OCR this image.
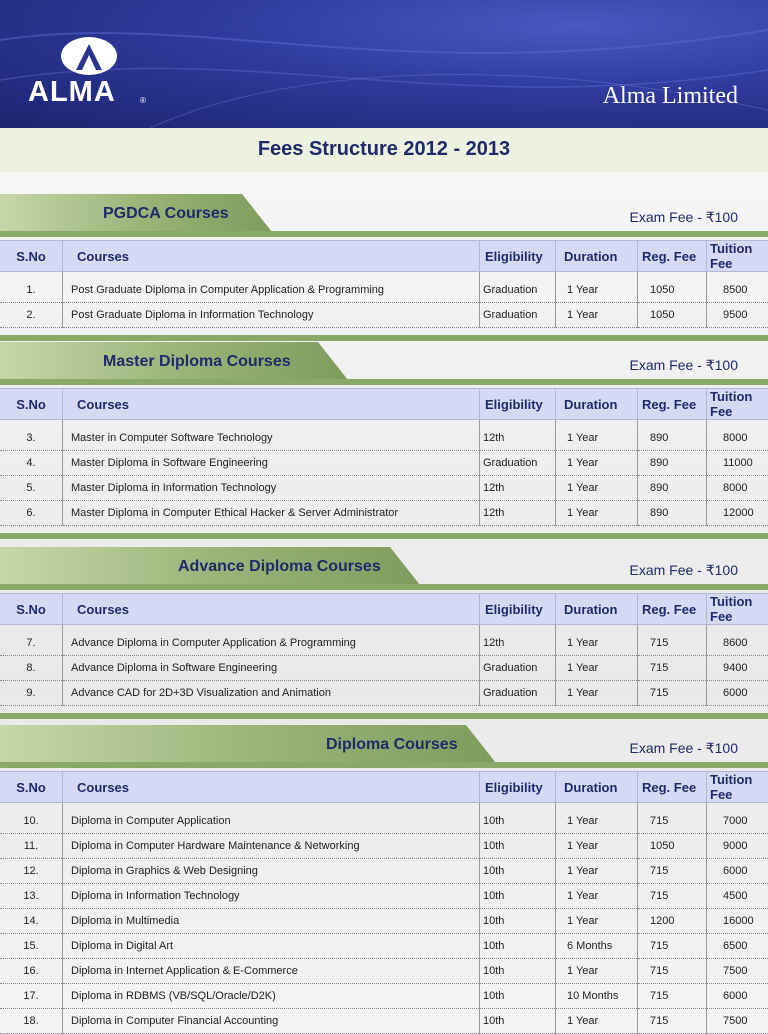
ALMA	®	Alma Limited
Fees Structure 2012 - 2013
PGDCA Courses	Exam Fee - ₹100
S.No	Courses	Eligibility	Duration	Reg. Fee	Tuition Fee

1.	Post Graduate Diploma in Computer Application & Programming	Graduation	1 Year	1050	8500
2.	Post Graduate Diploma in Information Technology	Graduation	1 Year	1050	9500
Master Diploma Courses	Exam Fee - ₹100
S.No	Courses	Eligibility	Duration	Reg. Fee	Tuition Fee

3.	Master in Computer Software Technology	12th	1 Year	890	8000
4.	Master Diploma in Software Engineering	Graduation	1 Year	890	11000
5.	Master Diploma in Information Technology	12th	1 Year	890	8000
6.	Master Diploma in Computer Ethical Hacker & Server Administrator	12th	1 Year	890	12000
Advance Diploma Courses	Exam Fee - ₹100
S.No	Courses	Eligibility	Duration	Reg. Fee	Tuition Fee

7.	Advance Diploma in Computer Application & Programming	12th	1 Year	715	8600
8.	Advance Diploma in Software Engineering	Graduation	1 Year	715	9400
9.	Advance CAD for 2D+3D Visualization and Animation	Graduation	1 Year	715	6000
Diploma Courses	Exam Fee - ₹100
S.No	Courses	Eligibility	Duration	Reg. Fee	Tuition Fee

10.	Diploma in Computer Application	10th	1 Year	715	7000
11.	Diploma in Computer Hardware Maintenance & Networking	10th	1 Year	1050	9000
12.	Diploma in Graphics & Web Designing	10th	1 Year	715	6000
13.	Diploma in Information Technology	10th	1 Year	715	4500
14.	Diploma in Multimedia	10th	1 Year	1200	16000
15.	Diploma in Digital Art	10th	6 Months	715	6500
16.	Diploma in Internet Application & E-Commerce	10th	1 Year	715	7500
17.	Diploma in RDBMS (VB/SQL/Oracle/D2K)	10th	10 Months	715	6000
18.	Diploma in Computer Financial Accounting	10th	1 Year	715	7500
